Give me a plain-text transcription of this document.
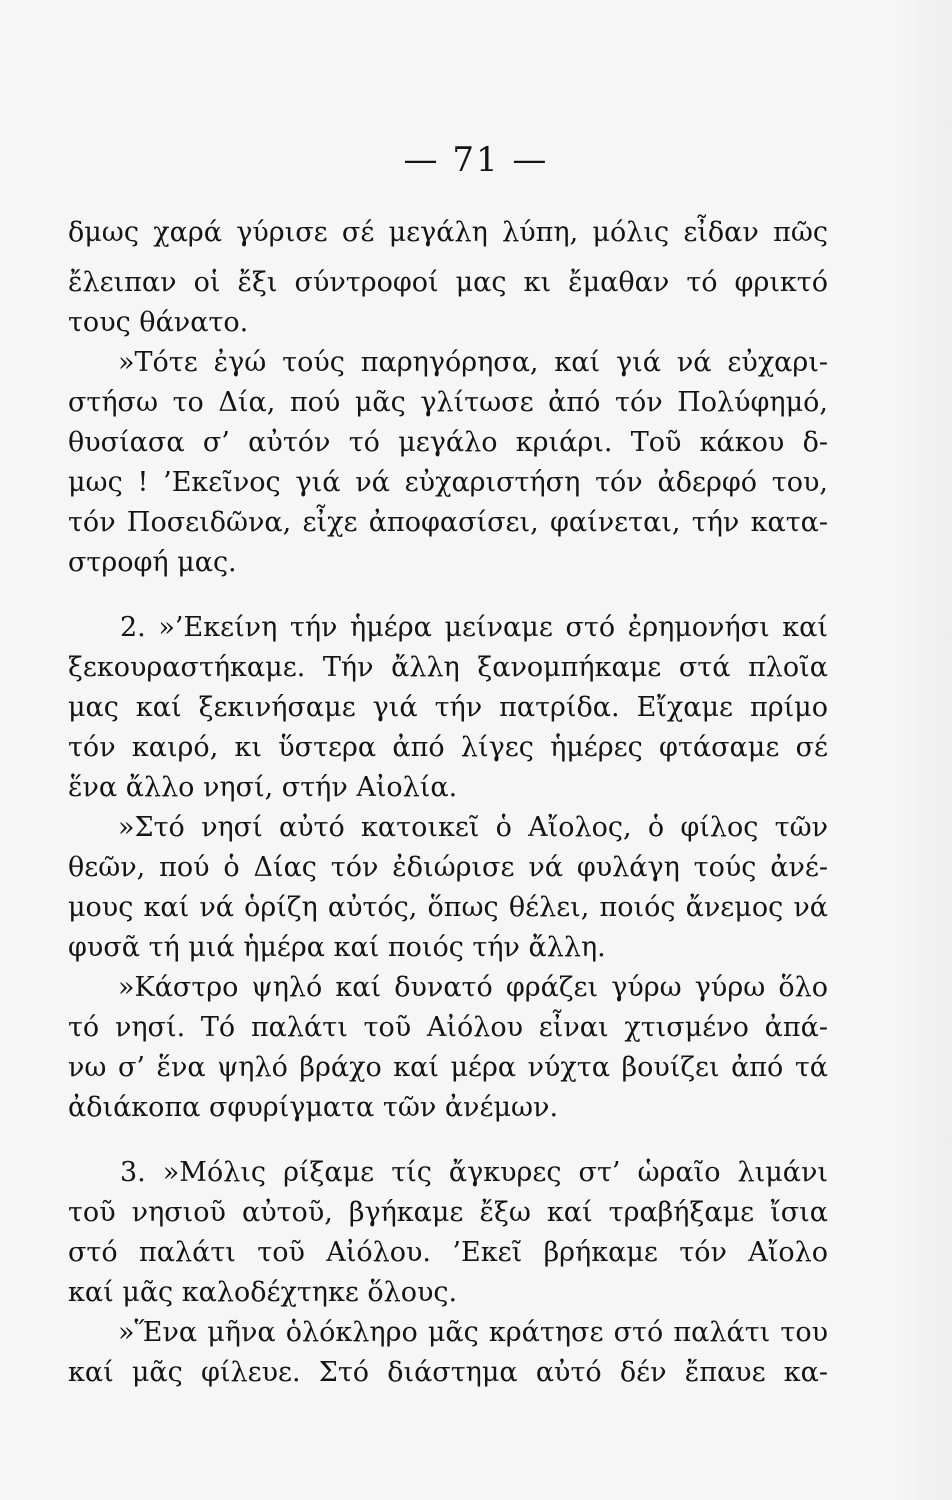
— 71 —
δμως χαρά γύρισε σέ μεγάλη λύπη, μόλις εἶδαν πῶς
ἔλειπαν οἱ ἔξι σύντροφοί μας κι ἔμαθαν τό φρικτό
τους θάνατο.
»Τότε ἐγώ τούς παρηγόρησα, καί γιά νά εὐχαρι-
στήσω το Δία, πού μᾶς γλίτωσε ἀπό τόν Πολύφημό,
θυσίασα σ’ αὐτόν τό μεγάλο κριάρι. Τοῦ κάκου δ-
μως ! ’Εκεῖνος γιά νά εὐχαριστήση τόν ἀδερφό του,
τόν Ποσειδῶνα, εἶχε ἀποφασίσει, φαίνεται, τήν κατα-
στροφή μας.
2. »’Εκείνη τήν ἡμέρα μείναμε στό ἐρημονήσι καί
ξεκουραστήκαμε. Τήν ἄλλη ξανομπήκαμε στά πλοῖα
μας καί ξεκινήσαμε γιά τήν πατρίδα. Εἴχαμε πρίμο
τόν καιρό, κι ὕστερα ἀπό λίγες ἡμέρες φτάσαμε σέ
ἕνα ἄλλο νησί, στήν Αἰολία.
»Στό νησί αὐτό κατοικεῖ ὁ Αἴολος, ὁ φίλος τῶν
θεῶν, πού ὁ Δίας τόν ἐδιώρισε νά φυλάγη τούς ἀνέ-
μους καί νά ὁρίζη αὐτός, ὅπως θέλει, ποιός ἄνεμος νά
φυσᾶ τή μιά ἡμέρα καί ποιός τήν ἄλλη.
»Κάστρο ψηλό καί δυνατό φράζει γύρω γύρω ὅλο
τό νησί. Τό παλάτι τοῦ Αἰόλου εἶναι χτισμένο ἀπά-
νω σ’ ἕνα ψηλό βράχο καί μέρα νύχτα βουίζει ἀπό τά
ἀδιάκοπα σφυρίγματα τῶν ἀνέμων.
3. »Μόλις ρίξαμε τίς ἄγκυρες στ’ ὡραῖο λιμάνι
τοῦ νησιοῦ αὐτοῦ, βγήκαμε ἔξω καί τραβήξαμε ἴσια
στό παλάτι τοῦ Αἰόλου. ’Εκεῖ βρήκαμε τόν Αἴολο
καί μᾶς καλοδέχτηκε ὅλους.
»Ἕνα μῆνα ὁλόκληρο μᾶς κράτησε στό παλάτι του
καί μᾶς φίλευε. Στό διάστημα αὐτό δέν ἔπαυε κα-
